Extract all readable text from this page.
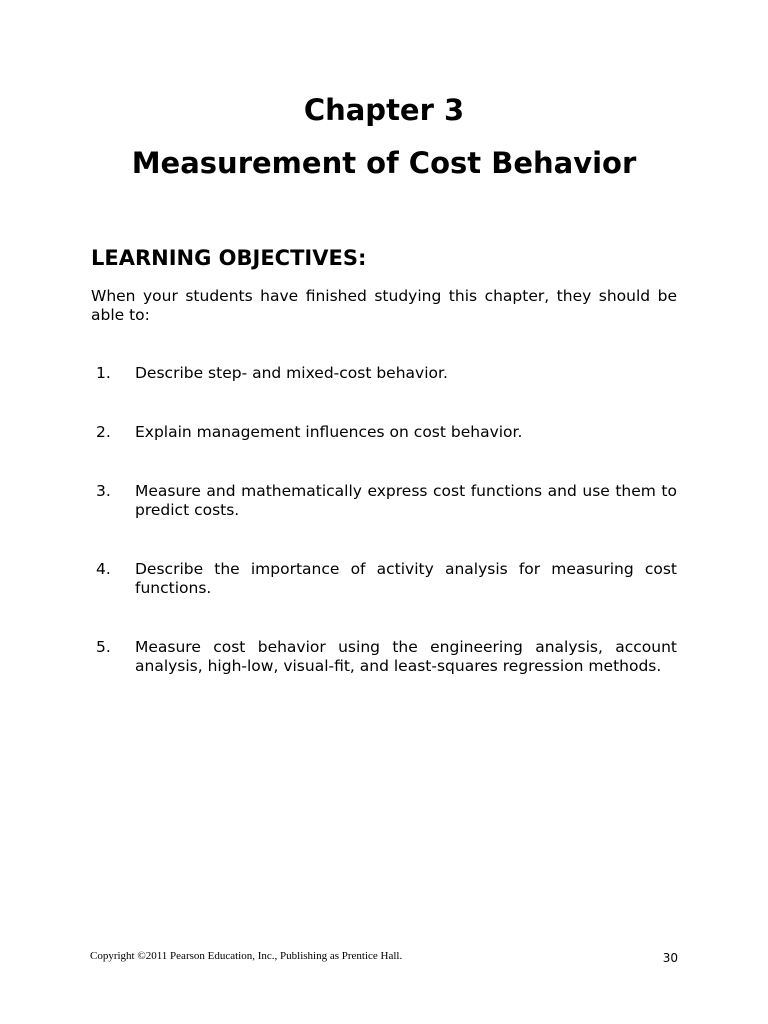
Chapter 3
Measurement of Cost Behavior
LEARNING OBJECTIVES:

When your students have finished studying this chapter, they should be able to:

1. Describe step- and mixed-cost behavior.
2. Explain management influences on cost behavior.
3. Measure and mathematically express cost functions and use them to predict costs.
4. Describe the importance of activity analysis for measuring cost functions.
5. Measure cost behavior using the engineering analysis, account analysis, high-low, visual-fit, and least-squares regression methods.
Copyright ©2011 Pearson Education, Inc., Publishing as Prentice Hall.	30
